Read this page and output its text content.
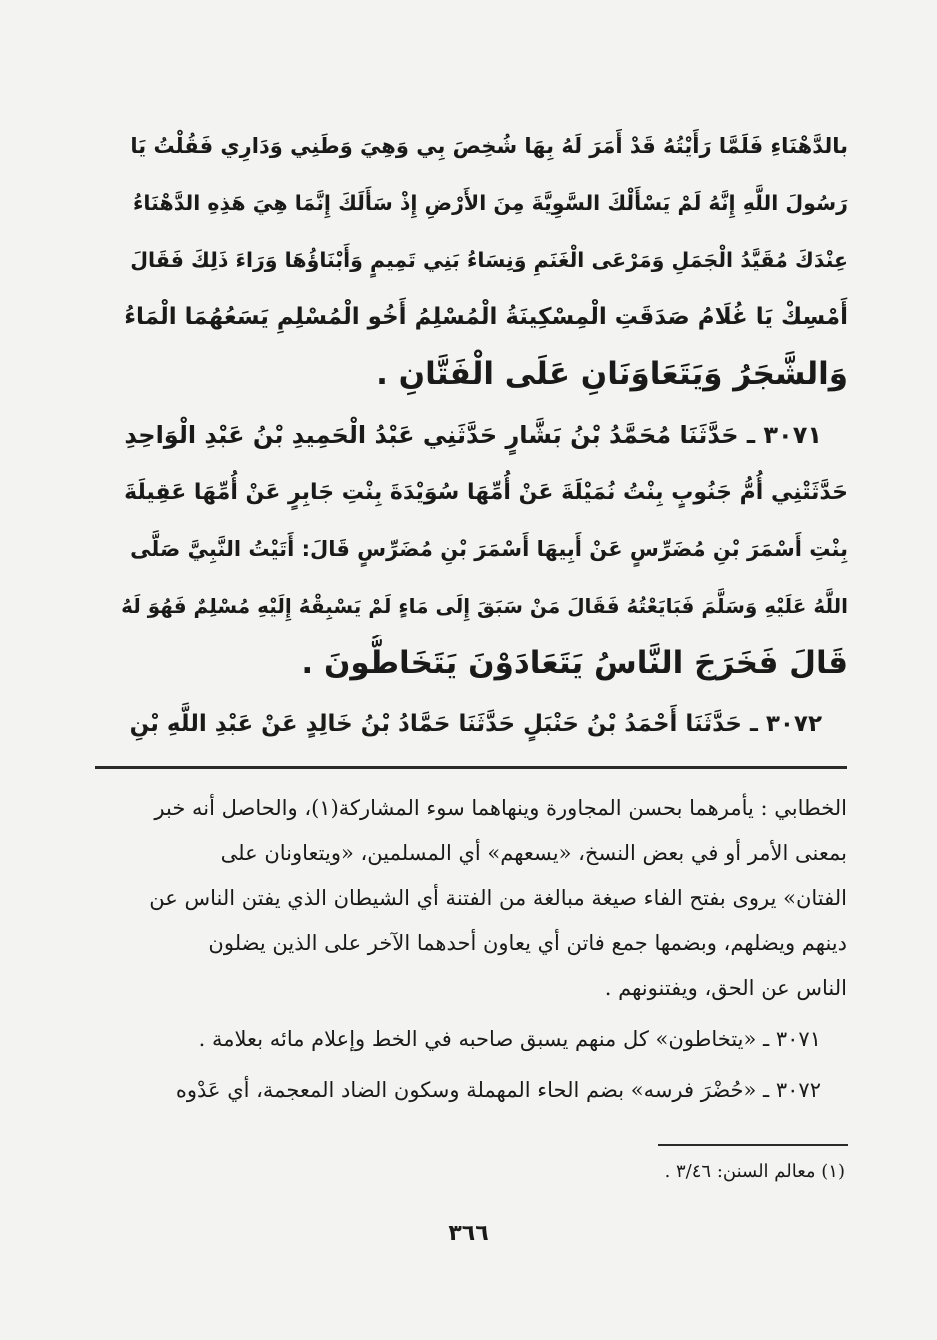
بالدَّهْنَاءِ فَلَمَّا رَأَيْتُهُ قَدْ أَمَرَ لَهُ بِهَا شُخِصَ بِي وَهِيَ وَطَنِي وَدَارِي فَقُلْتُ يَا
رَسُولَ اللَّهِ إِنَّهُ لَمْ يَسْأَلْكَ السَّوِيَّةَ مِنَ الأَرْضِ إِذْ سَأَلَكَ إِنَّمَا هِيَ هَذِهِ الدَّهْنَاءُ
عِنْدَكَ مُقَيَّدُ الْجَمَلِ وَمَرْعَى الْغَنَمِ وَنِسَاءُ بَنِي تَمِيمٍ وَأَبْنَاؤُهَا وَرَاءَ ذَلِكَ فَقَالَ
أَمْسِكْ يَا غُلَامُ صَدَقَتِ الْمِسْكِينَةُ الْمُسْلِمُ أَخُو الْمُسْلِمِ يَسَعُهُمَا الْمَاءُ
وَالشَّجَرُ وَيَتَعَاوَنَانِ عَلَى الْفَتَّانِ .
٣٠٧١ ـ حَدَّثَنَا مُحَمَّدُ بْنُ بَشَّارٍ حَدَّثَنِي عَبْدُ الْحَمِيدِ بْنُ عَبْدِ الْوَاحِدِ
حَدَّثَتْنِي أُمُّ جَنُوبٍ بِنْتُ نُمَيْلَةَ عَنْ أُمِّهَا سُوَيْدَةَ بِنْتِ جَابِرٍ عَنْ أُمِّهَا عَقِيلَةَ
بِنْتِ أَسْمَرَ بْنِ مُضَرِّسٍ عَنْ أَبِيهَا أَسْمَرَ بْنِ مُضَرِّسٍ قَالَ: أَتَيْتُ النَّبِيَّ صَلَّى
اللَّهُ عَلَيْهِ وَسَلَّمَ فَبَايَعْتُهُ فَقَالَ مَنْ سَبَقَ إِلَى مَاءٍ لَمْ يَسْبِقْهُ إِلَيْهِ مُسْلِمٌ فَهُوَ لَهُ
قَالَ فَخَرَجَ النَّاسُ يَتَعَادَوْنَ يَتَخَاطُّونَ .
٣٠٧٢ ـ حَدَّثَنَا أَحْمَدُ بْنُ حَنْبَلٍ حَدَّثَنَا حَمَّادُ بْنُ خَالِدٍ عَنْ عَبْدِ اللَّهِ بْنِ
الخطابي : يأمرهما بحسن المجاورة وينهاهما سوء المشاركة(١)، والحاصل أنه خبر
بمعنى الأمر أو في بعض النسخ، «يسعهم» أي المسلمين، «ويتعاونان على
الفتان» يروى بفتح الفاء صيغة مبالغة من الفتنة أي الشيطان الذي يفتن الناس عن
دينهم ويضلهم، وبضمها جمع فاتن أي يعاون أحدهما الآخر على الذين يضلون
الناس عن الحق، ويفتنونهم .
٣٠٧١ ـ «يتخاطون» كل منهم يسبق صاحبه في الخط وإعلام مائه بعلامة .
٣٠٧٢ ـ «حُضْرَ فرسه» بضم الحاء المهملة وسكون الضاد المعجمة، أي عَدْوه
(١) معالم السنن: ٣/٤٦ .
٣٦٦
